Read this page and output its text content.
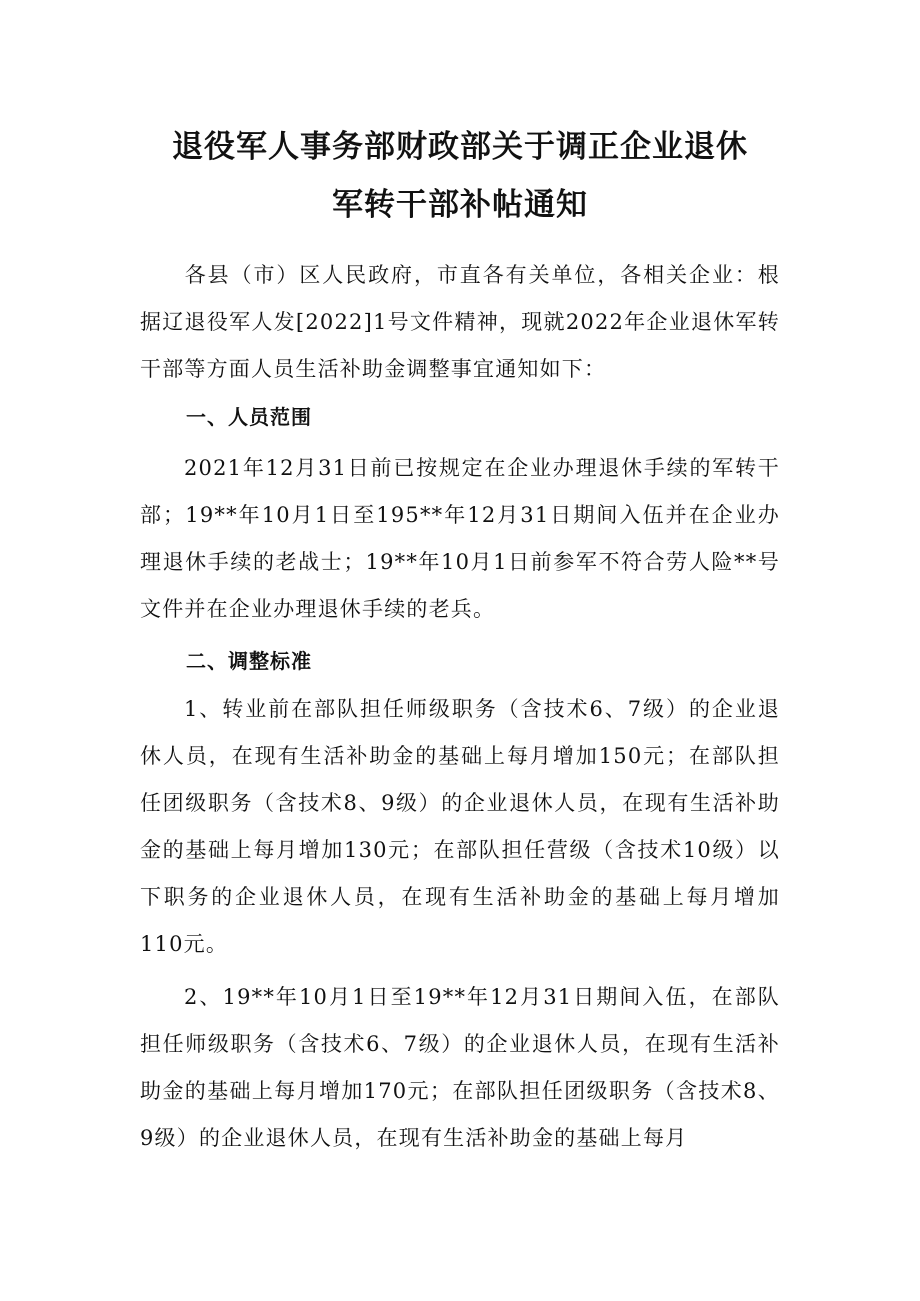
退役军人事务部财政部关于调正企业退休
军转干部补帖通知
各县（市）区人民政府，市直各有关单位，各相关企业：根据辽退役军人发[2022]1号文件精神，现就2022年企业退休军转干部等方面人员生活补助金调整事宜通知如下：
一、人员范围
2021年12月31日前已按规定在企业办理退休手续的军转干部；19**年10月1日至195**年12月31日期间入伍并在企业办理退休手续的老战士；19**年10月1日前参军不符合劳人险**号文件并在企业办理退休手续的老兵。
二、调整标准
1、转业前在部队担任师级职务（含技术6、7级）的企业退休人员，在现有生活补助金的基础上每月增加150元；在部队担任团级职务（含技术8、9级）的企业退休人员，在现有生活补助金的基础上每月增加130元；在部队担任营级（含技术10级）以下职务的企业退休人员，在现有生活补助金的基础上每月增加110元。
2、19**年10月1日至19**年12月31日期间入伍，在部队担任师级职务（含技术6、7级）的企业退休人员，在现有生活补助金的基础上每月增加170元；在部队担任团级职务（含技术8、9级）的企业退休人员，在现有生活补助金的基础上每月
